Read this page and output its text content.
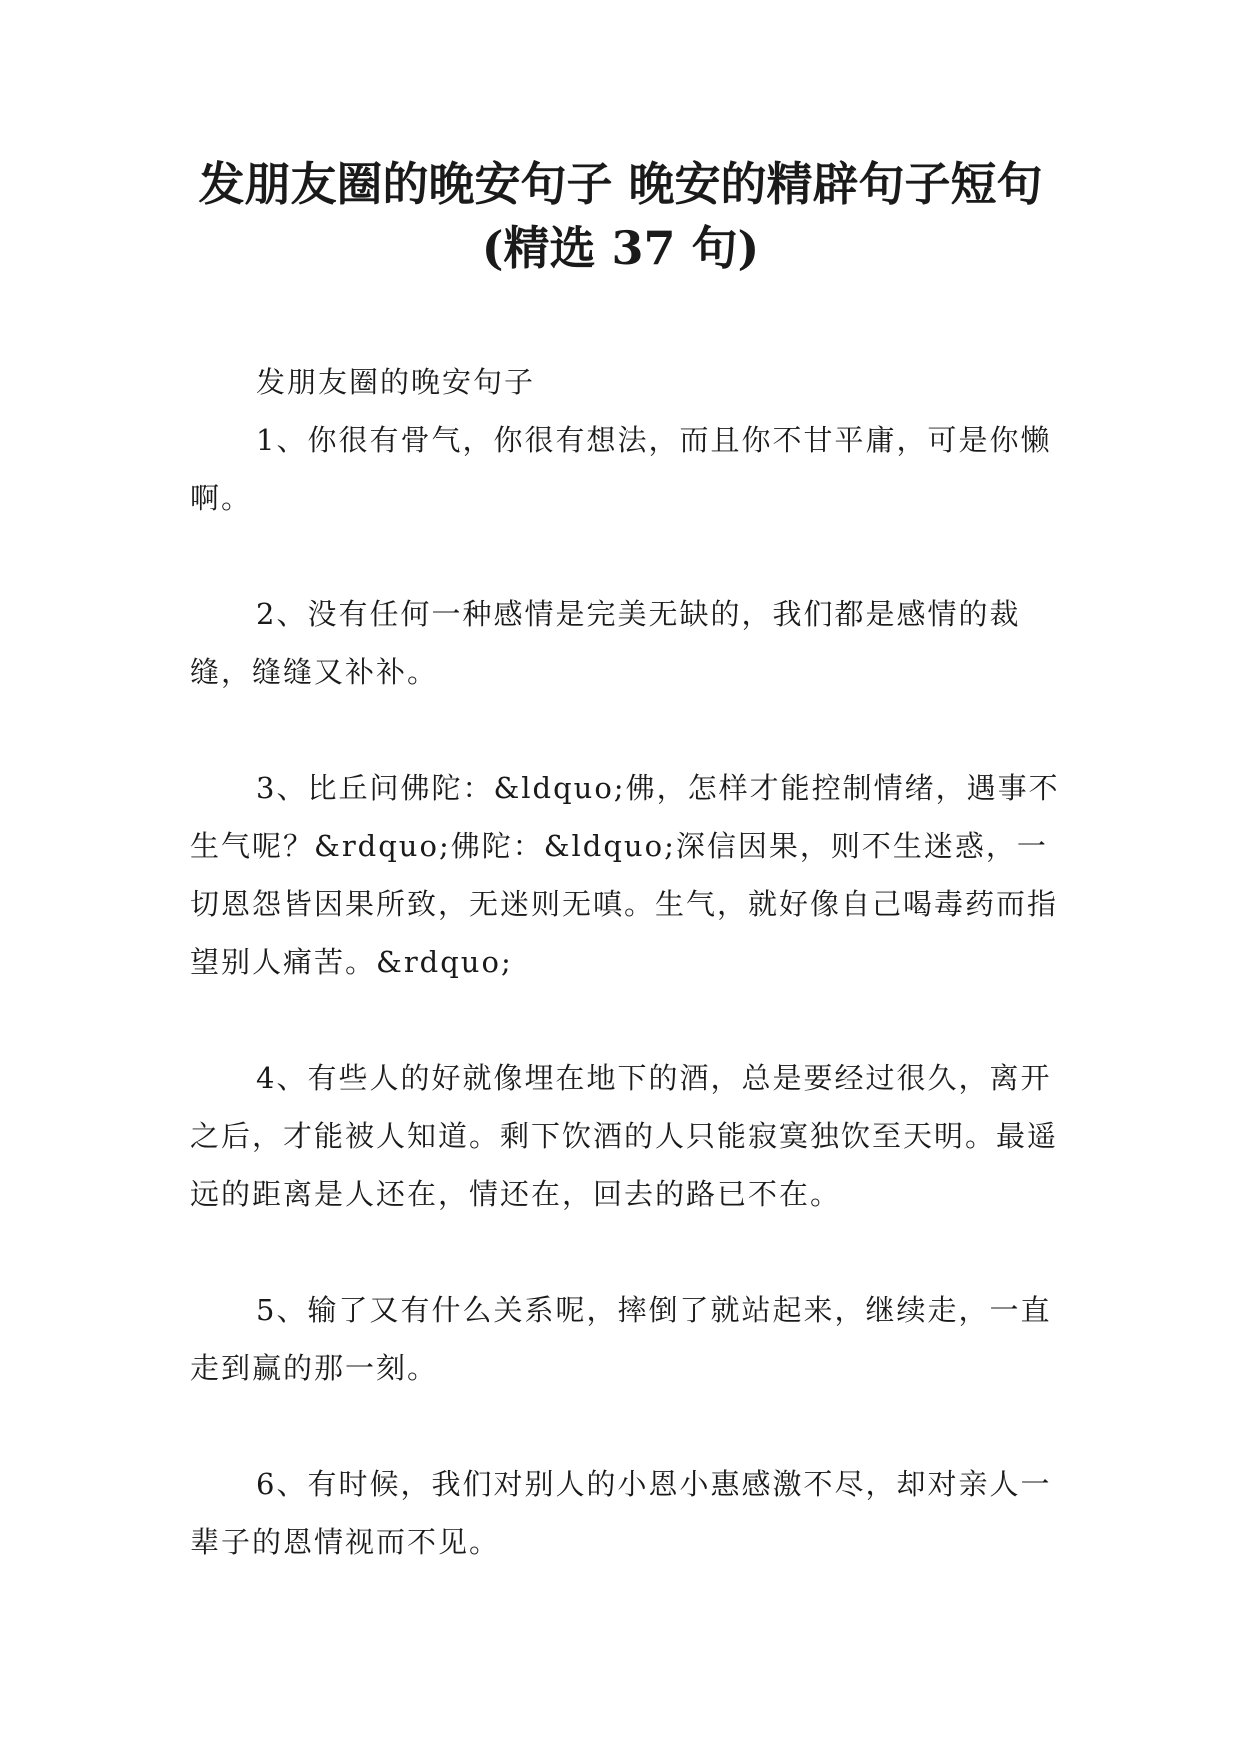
发朋友圈的晚安句子 晚安的精辟句子短句
(精选 37 句)

发朋友圈的晚安句子

1、你很有骨气，你很有想法，而且你不甘平庸，可是你懒啊。

2、没有任何一种感情是完美无缺的，我们都是感情的裁缝，缝缝又补补。

3、比丘问佛陀：&ldquo;佛，怎样才能控制情绪，遇事不生气呢？&rdquo;佛陀：&ldquo;深信因果，则不生迷惑，一切恩怨皆因果所致，无迷则无嗔。生气，就好像自己喝毒药而指望别人痛苦。&rdquo;

4、有些人的好就像埋在地下的酒，总是要经过很久，离开之后，才能被人知道。剩下饮酒的人只能寂寞独饮至天明。最遥远的距离是人还在，情还在，回去的路已不在。

5、输了又有什么关系呢，摔倒了就站起来，继续走，一直走到赢的那一刻。

6、有时候，我们对别人的小恩小惠感激不尽，却对亲人一辈子的恩情视而不见。
